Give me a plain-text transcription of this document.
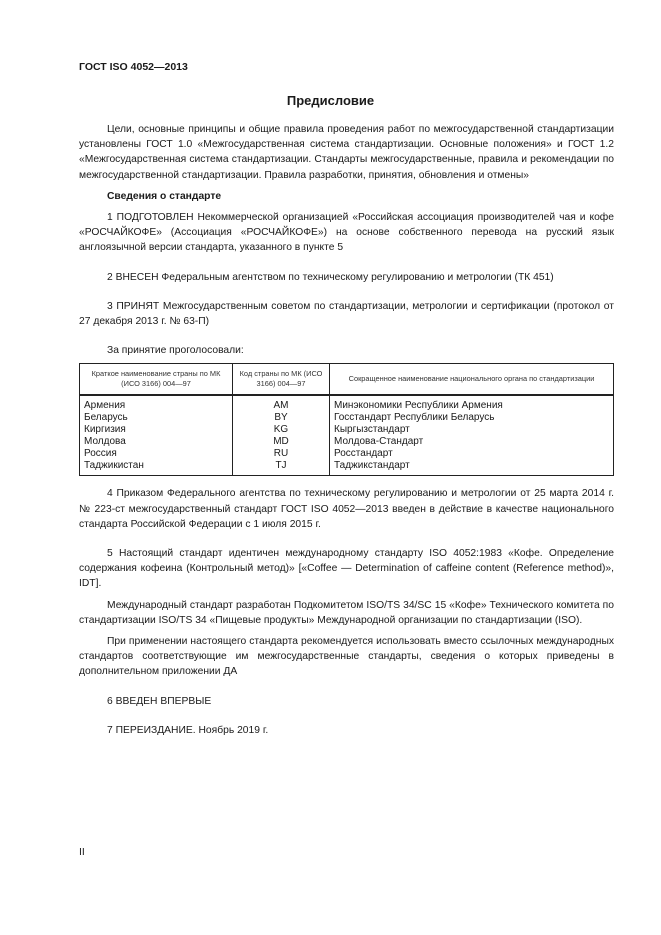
ГОСТ ISO 4052—2013
Предисловие

Цели, основные принципы и общие правила проведения работ по межгосударственной стандартизации установлены ГОСТ 1.0 «Межгосударственная система стандартизации. Основные положения» и ГОСТ 1.2 «Межгосударственная система стандартизации. Стандарты межгосударственные, правила и рекомендации по межгосударственной стандартизации. Правила разработки, принятия, обновления и отмены»

Сведения о стандарте

1 ПОДГОТОВЛЕН Некоммерческой организацией «Российская ассоциация производителей чая и кофе «РОСЧАЙКОФЕ» (Ассоциация «РОСЧАЙКОФЕ») на основе собственного перевода на русский язык англоязычной версии стандарта, указанного в пункте 5

2 ВНЕСЕН Федеральным агентством по техническому регулированию и метрологии (ТК 451)

3 ПРИНЯТ Межгосударственным советом по стандартизации, метрологии и сертификации (протокол от 27 декабря 2013 г. № 63-П)

За принятие проголосовали:

Краткое наименование страны по МК (ИСО 3166) 004—97	Код страны по МК (ИСО 3166) 004—97	Сокращенное наименование национального органа по стандартизации
Армения	AM	Минэкономики Республики Армения
Беларусь	BY	Госстандарт Республики Беларусь
Киргизия	KG	Кыргызстандарт
Молдова	MD	Молдова-Стандарт
Россия	RU	Росстандарт
Таджикистан	TJ	Таджикстандарт

4 Приказом Федерального агентства по техническому регулированию и метрологии от 25 марта 2014 г. № 223-ст межгосударственный стандарт ГОСТ ISO 4052—2013 введен в действие в качестве национального стандарта Российской Федерации с 1 июля 2015 г.

5 Настоящий стандарт идентичен международному стандарту ISO 4052:1983 «Кофе. Определение содержания кофеина (Контрольный метод)» [«Coffee — Determination of caffeine content (Reference method)», IDT].

Международный стандарт разработан Подкомитетом ISO/TS 34/SC 15 «Кофе» Технического комитета по стандартизации ISO/TS 34 «Пищевые продукты» Международной организации по стандартизации (ISO).

При применении настоящего стандарта рекомендуется использовать вместо ссылочных международных стандартов соответствующие им межгосударственные стандарты, сведения о которых приведены в дополнительном приложении ДА

6 ВВЕДЕН ВПЕРВЫЕ

7 ПЕРЕИЗДАНИЕ. Ноябрь 2019 г.

II
